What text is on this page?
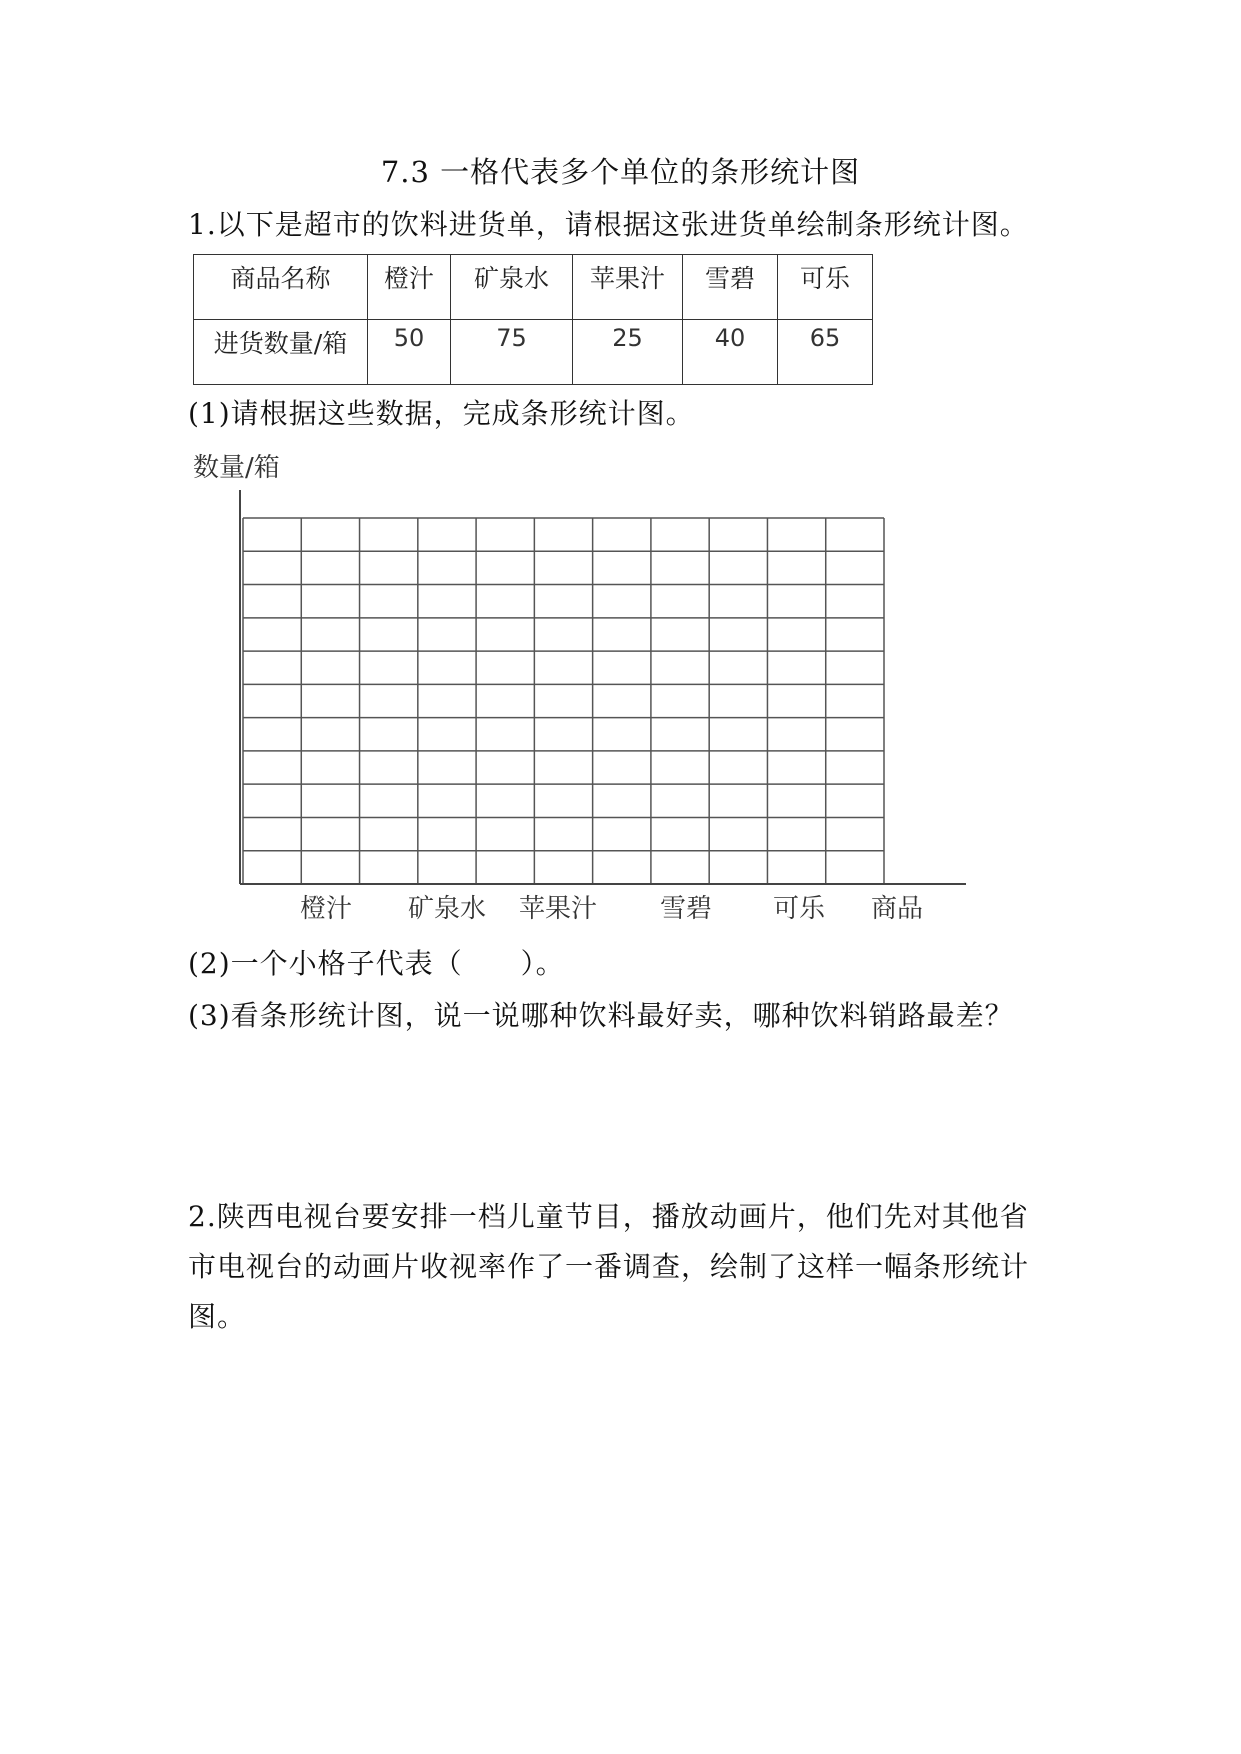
7.3 一格代表多个单位的条形统计图
1.以下是超市的饮料进货单，请根据这张进货单绘制条形统计图。
商品名称	橙汁	矿泉水	苹果汁	雪碧	可乐
进货数量/箱	50	75	25	40	65
(1)请根据这些数据，完成条形统计图。
数量/箱
橙汁 矿泉水 苹果汁 雪碧 可乐 商品
(2)一个小格子代表（　　）。
(3)看条形统计图，说一说哪种饮料最好卖，哪种饮料销路最差？
2.陕西电视台要安排一档儿童节目，播放动画片，他们先对其他省
市电视台的动画片收视率作了一番调查，绘制了这样一幅条形统计
图。
